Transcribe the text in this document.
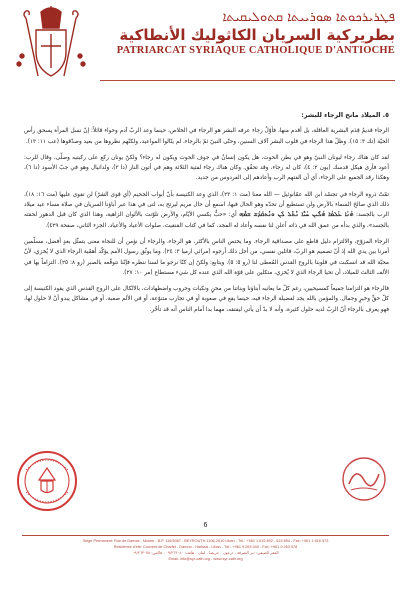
ܦܛܪܝܪܟܘܬܐ ܣܘܪܝܝܬܐ ܩܬܘܠܝܩܝܬܐ
بطريركية السريان الكاثوليك الأنطاكية
PATRIARCAT SYRIAQUE CATHOLIQUE D'ANTIOCHE
٥. الميلاد مانح الرجاء للبشر:

الرجاء قديمٌ قِدَم البشرية العاقلة، بل أقدم منها، فأوّلُ رجاء عرفه البشر هو الرجاء في الخلاص، حينما وعد الربّ آدم وحواء قائلاً: إنّ نسل المرأة يسحق رأس الحيّة (تك ٣: ١٥). وظلّ هذا الرجاء في قلوب البشر آلاف السنين، وحتّى النبيّ ثمّ بالرجاء، لم يتّالوا المواعيد، ولكنّهم نظروها من بعيد وصدّقوها (عب ١١: ١٣).

لقد كان هناك رجاء ليونان النبيّ وهو في بطن الحوت، هل يكون إنسانٌ في جوف الحوت ويكون له رجاء؟ ولكنّ يونان ركع على ركبتيه وصلّى، وقال للرب: أعود فأرى هيكل قدسك (يون ٢: ٤)، كان له رجاء، وقد تحقّق. وكان هناك رجاء لفتية الثلاثة وهم في أتون النار (دا ٣)، ولدانيال وهو في جبّ الأسود (دا ٦)، وهكذا رقد الجميع على الرجاء، أي أن الفتهم الرب وأعادهم إلى الفردوس من جديد.

تمّتْ ذروة الرجاء في تجسّد ابن الله عمّانوئيل — الله معنا (مت ١: ٢٣)، الذي وعد الكنيسة بأنّ أبواب الجحيم (أي قوى الشرّ) لن تقوى عليها (مت ١٦: ١٨)، ذلك الذي صالحَ السماء بالأرض ولن تستطيع أن تحدّه وهو الحال فيها، اسمع أن حال مريم ليرتح به، لتى في هذا عبر أباؤنا السريان في صلاة مساء عيد ميلاد الرب بالجسد: ܗܳܢܳܐ ܥܰܠܡܳܐ ܗܳܠܶܝܢ ܚܰܝ̈ܶܐ ܢܶܬܶܠ ܠܰܢ ܘܢܶܬܩܰܕܰܫ ܫܡܶܗ أي: «حبٌّ يكسي الأيّام، والأرض تلوّنت بالألوان الزاهية، وهذا الذي كان قبل الدهور لحقته بالجسد»، والذي بدأه من عمق الله في ذاته أعلن لنا نفسه وأعاد له المجد، كما في كتاب القنقيث، صلوات الأعياد والأعياد، الجزء الثاني، صفحة ٤٢٩).

الرجاء المزوّح، والالتزام دليل قاطع على مصداقية الرجاء. وما يختص الناس بالأكثر، هو الرجاء، والرجاء أن نؤمن أن للنجاة معنى يتمثّل بغدٍ أفضل، مسلّمين أمرنا بين يدي الله إذ أنّ تصميم هو الربّ، قائلين نفسي، من أجل ذلك أرجوه (مراثي ارميا ٣: ٢٤). وما يوثّق رسول الأمم يؤكّد أهمّية الرجاء الذي لا يُخزي، لأنّ محبّة الله قد انسكبت في قلوبنا بالروح القدس المُعطى لنا (رو ٥: ٥). ويتابع: ولكنّ إن كنّا نرجو ما لسنا ننظره فإنّنا نتوقّعه بالصبر (رو ٨: ٢٥). التزاماً بها في الألف الثالث للميلاد، أن تحيا الرجاء الذي لا يُخزي، متكلين على قوّة الله الذي عنده كل شيء مستطاع (مر ١٠: ٢٧).

فالرجاء هو التزامنا جميعاً كمسيحيين، رغم كلّ ما يعانيه أبناؤنا وبناتنا من محنٍ ونكبات وحروب واضطهادات، بالاتّكال على الروح القدس الذي يقود الكنيسة إلى كلّ حقٍّ وخيرٍ وجمال. والمؤمن بالله يجد لفضيلة الرجاء فيه، حينما يقع في صعوبة أو في تجارب متنوّعة، أو في الألم صعبة، أو في مشاكل يبدو أنّ لا حلول لها، فهو يعرف بالرجاء أنّ الربّ لديه حلول كثيرة، وأنه لا بدّ أن يأتي ليفتقه، مهما بدا أمام الناس أنه قد تأخّر.

6
Siège Permanent: Rue de Damas - Musée - B.P. 116/5087 - BEYROUTH 1106-2010 Liban - Tél.: +961 1 615 892 - 615 894 - Fax: +961 1 616 573
Résidence d'été: Couvent de Charfet - Daroun - Harissa - Liban - Tél.: +961 9 263 040 - Fax: +961 9 263 078
المقر الصيفي: دير الشرفة - درعون - حريصا - لبنان - هاتف: ٠٩/٢٦٣٠٤٠ - فاكس: ٠٩/٢٦٣٠٧٨
Email: info@syr-cath.org - www.syr-cath.org
